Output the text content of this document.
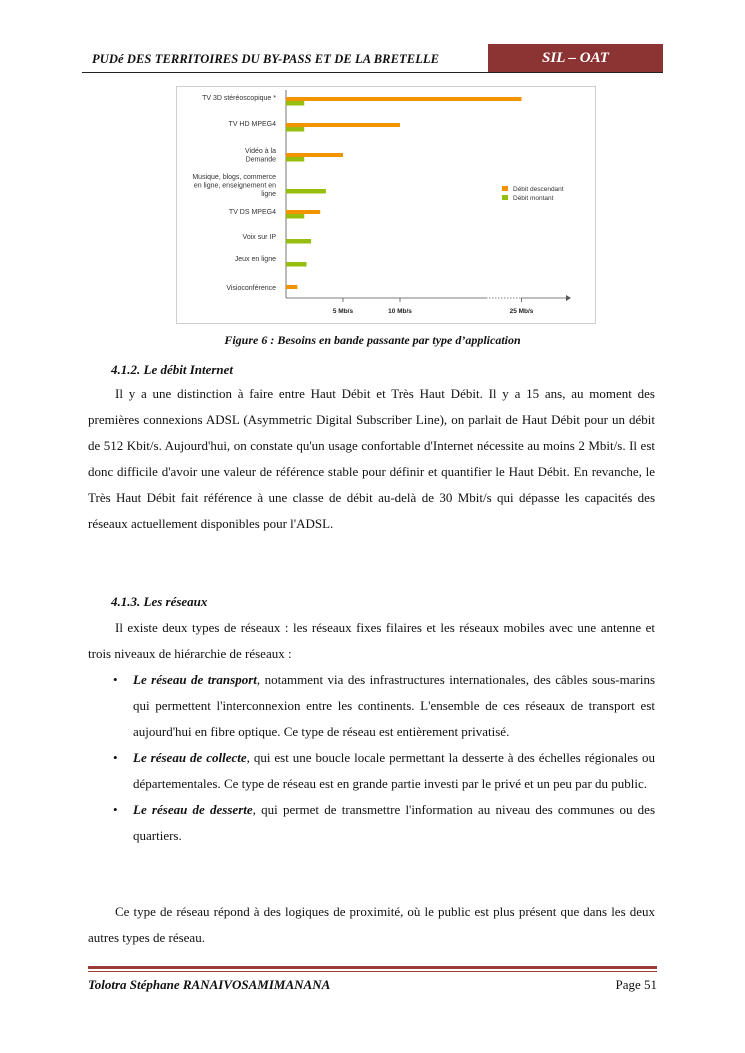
PUDé DES TERRITOIRES DU BY-PASS ET DE LA BRETELLE	SIL – OAT
5 Mb/s	10 Mb/s	25 Mb/s
TV 3D stéréoscopique *
TV HD MPEG4
Vidéo à la Demande
Musique, blogs, commerce en ligne, enseignement en ligne
TV DS MPEG4
Voix sur IP
Jeux en ligne
Visioconférence
Débit descendant
Débit montant
Figure 6 : Besoins en bande passante par type d’application
4.1.2. Le débit Internet

Il y a une distinction à faire entre Haut Débit et Très Haut Débit. Il y a 15 ans, au moment des premières connexions ADSL (Asymmetric Digital Subscriber Line), on parlait de Haut Débit pour un débit de 512 Kbit/s. Aujourd'hui, on constate qu'un usage confortable d'Internet nécessite au moins 2 Mbit/s. Il est donc difficile d'avoir une valeur de référence stable pour définir et quantifier le Haut Débit. En revanche, le Très Haut Débit fait référence à une classe de débit au-delà de 30 Mbit/s qui dépasse les capacités des réseaux actuellement disponibles pour l'ADSL.

4.1.3. Les réseaux

Il existe deux types de réseaux : les réseaux fixes filaires et les réseaux mobiles avec une antenne et trois niveaux de hiérarchie de réseaux :

• Le réseau de transport, notamment via des infrastructures internationales, des câbles sous-marins qui permettent l'interconnexion entre les continents. L'ensemble de ces réseaux de transport est aujourd'hui en fibre optique. Ce type de réseau est entièrement privatisé.
• Le réseau de collecte, qui est une boucle locale permettant la desserte à des échelles régionales ou départementales. Ce type de réseau est en grande partie investi par le privé et un peu par du public.
• Le réseau de desserte, qui permet de transmettre l'information au niveau des communes ou des quartiers.

Ce type de réseau répond à des logiques de proximité, où le public est plus présent que dans les deux autres types de réseau.

Tolotra Stéphane RANAIVOSAMIMANANA	Page 51
